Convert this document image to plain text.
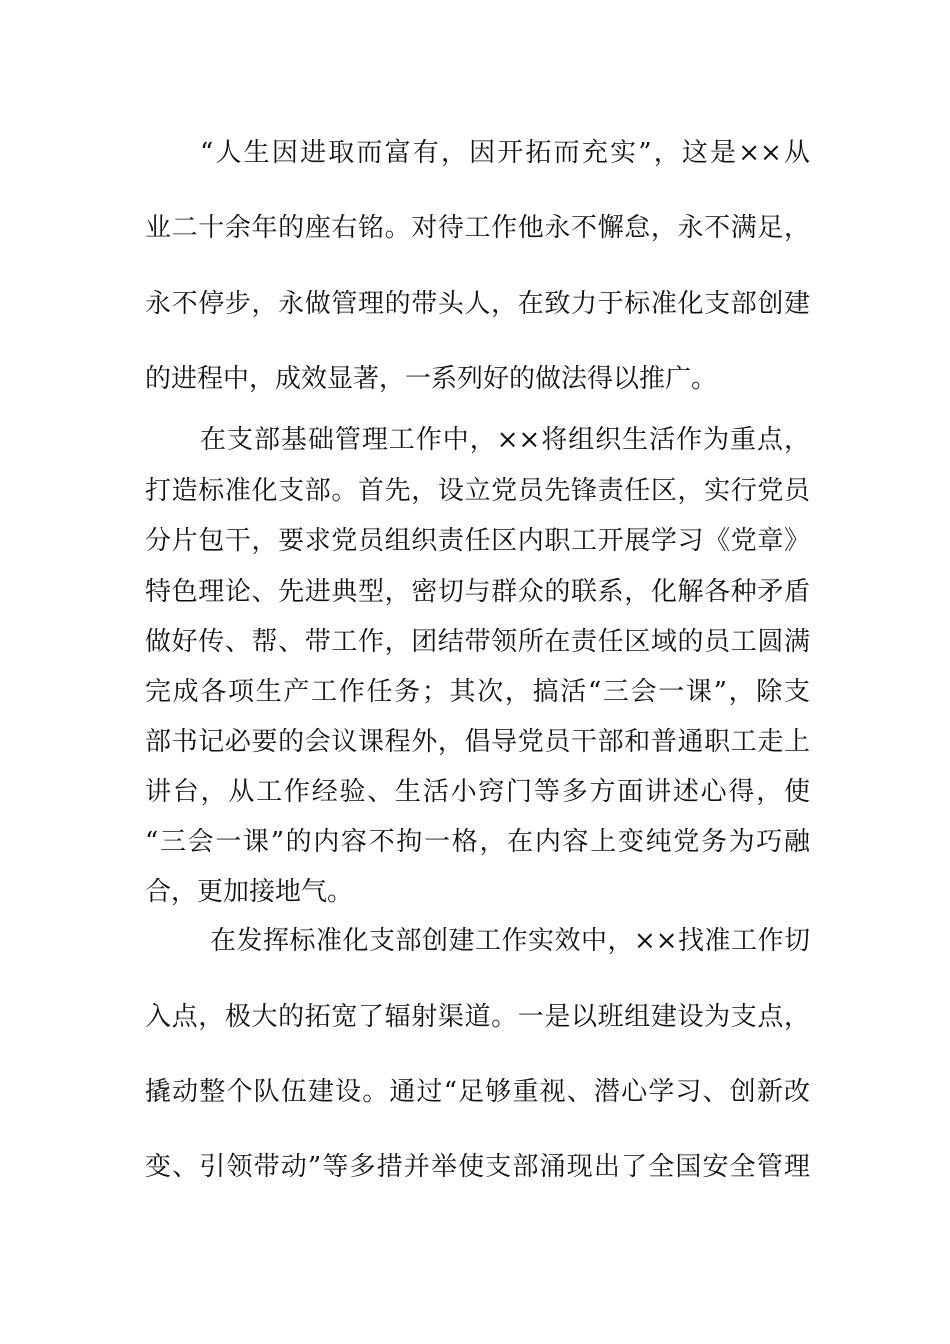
“人生因进取而富有，因开拓而充实”，这是××从
业二十余年的座右铭。对待工作他永不懈怠，永不满足，
永不停步，永做管理的带头人，在致力于标准化支部创建
的进程中，成效显著，一系列好的做法得以推广。
在支部基础管理工作中，××将组织生活作为重点，
打造标准化支部。首先，设立党员先锋责任区，实行党员
分片包干，要求党员组织责任区内职工开展学习《党章》
特色理论、先进典型，密切与群众的联系，化解各种矛盾
做好传、帮、带工作，团结带领所在责任区域的员工圆满
完成各项生产工作任务；其次，搞活“三会一课”，除支
部书记必要的会议课程外，倡导党员干部和普通职工走上
讲台，从工作经验、生活小窍门等多方面讲述心得，使
“三会一课”的内容不拘一格，在内容上变纯党务为巧融
合，更加接地气。
在发挥标准化支部创建工作实效中，××找准工作切
入点，极大的拓宽了辐射渠道。一是以班组建设为支点，
撬动整个队伍建设。通过“足够重视、潜心学习、创新改
变、引领带动”等多措并举使支部涌现出了全国安全管理
